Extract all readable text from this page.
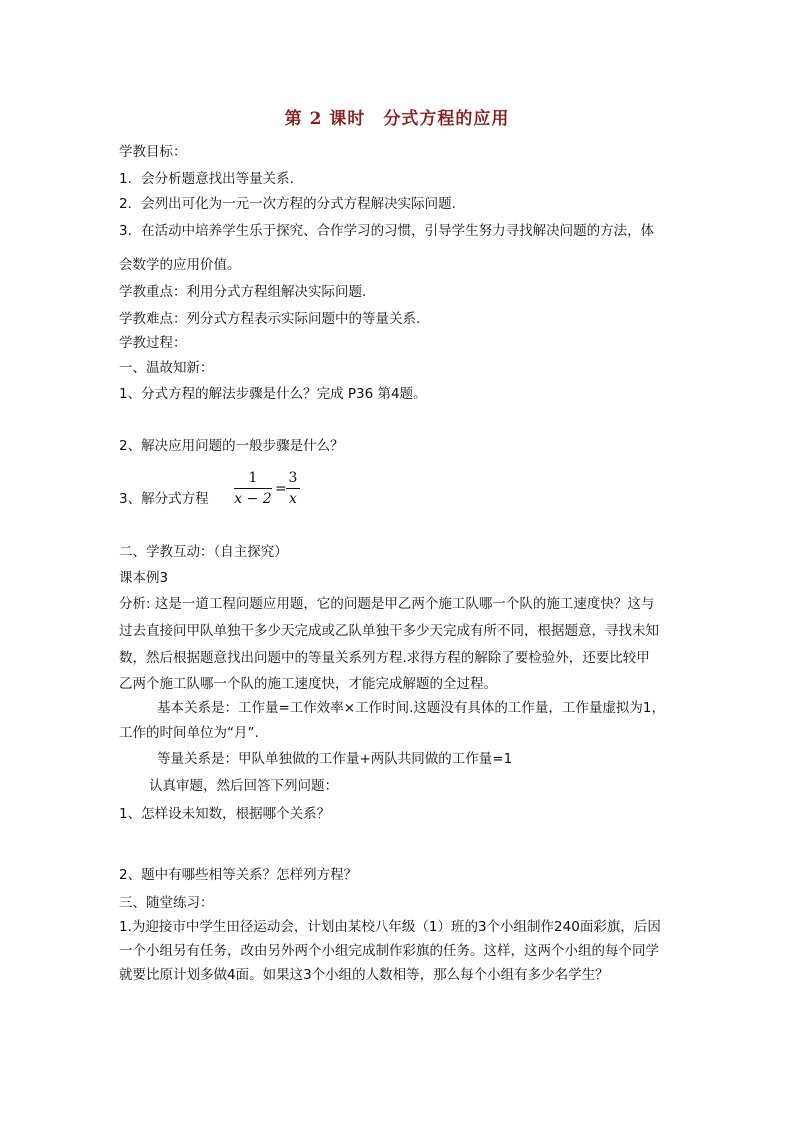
第 2 课时　分式方程的应用
学教目标：
1．会分析题意找出等量关系.
2．会列出可化为一元一次方程的分式方程解决实际问题.
3．在活动中培养学生乐于探究、合作学习的习惯，引导学生努力寻找解决问题的方法，体
会数学的应用价值。
学教重点：利用分式方程组解决实际问题.
学教难点：列分式方程表示实际问题中的等量关系.
学教过程：
一、温故知新：
1、分式方程的解法步骤是什么？完成 P36 第4题。
2、解决应用问题的一般步骤是什么？
3、解分式方程
1
x − 2
=
3
x
二、学教互动：（自主探究）
课本例3
分析: 这是一道工程问题应用题，它的问题是甲乙两个施工队哪一个队的施工速度快？这与
过去直接问甲队单独干多少天完成或乙队单独干多少天完成有所不同，根据题意，寻找未知
数，然后根据题意找出问题中的等量关系列方程.求得方程的解除了要检验外，还要比较甲
乙两个施工队哪一个队的施工速度快，才能完成解题的全过程。
基本关系是：工作量=工作效率×工作时间.这题没有具体的工作量，工作量虚拟为1，
工作的时间单位为“月”.
等量关系是：甲队单独做的工作量+两队共同做的工作量=1
认真审题，然后回答下列问题：
1、怎样设未知数，根据哪个关系？
2、题中有哪些相等关系？怎样列方程？
三、随堂练习：
1.为迎接市中学生田径运动会，计划由某校八年级（1）班的3个小组制作240面彩旗，后因
一个小组另有任务，改由另外两个小组完成制作彩旗的任务。这样，这两个小组的每个同学
就要比原计划多做4面。如果这3个小组的人数相等，那么每个小组有多少名学生？
